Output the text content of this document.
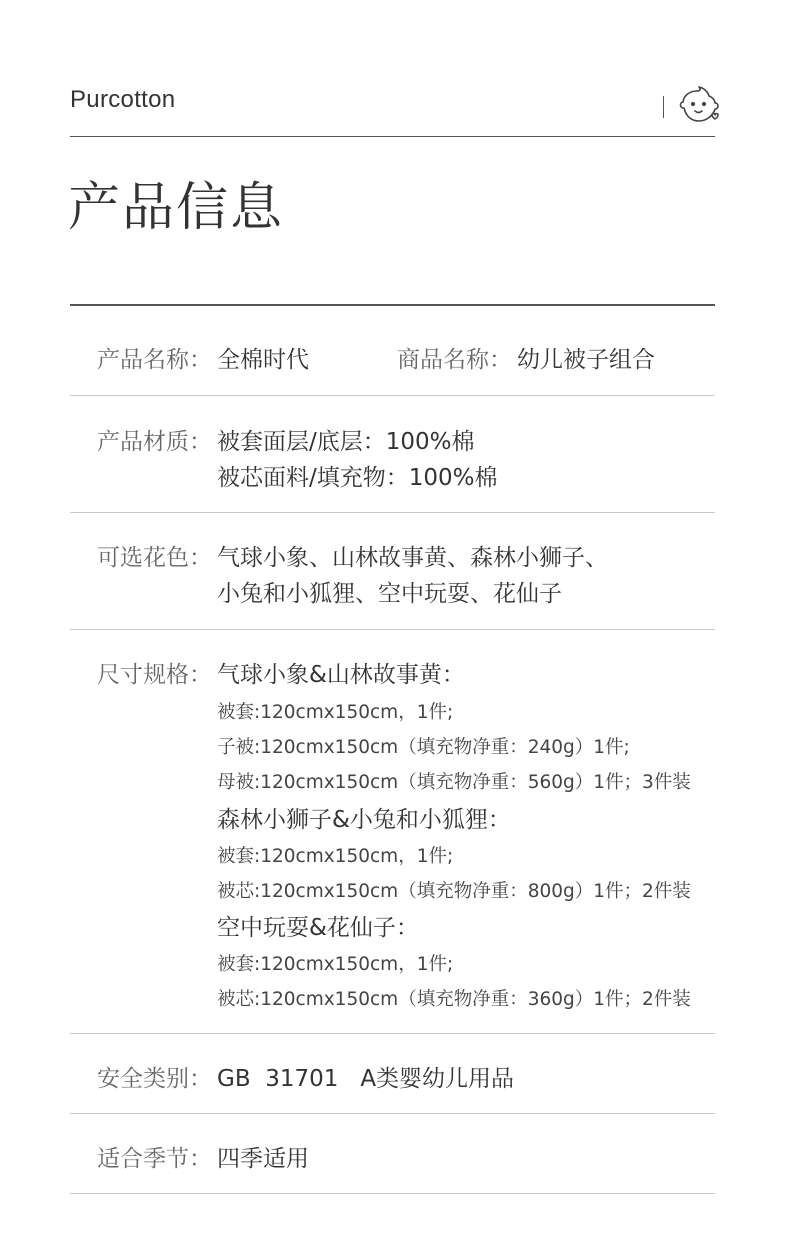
Purcotton
产品信息
产品名称： 全棉时代	商品名称： 幼儿被子组合
产品材质： 被套面层/底层：100%棉
被芯面料/填充物：100%棉
可选花色： 气球小象、山林故事黄、森林小狮子、
小兔和小狐狸、空中玩耍、花仙子
尺寸规格： 气球小象&山林故事黄：
被套:120cmx150cm，1件;
子被:120cmx150cm（填充物净重：240g）1件;
母被:120cmx150cm（填充物净重：560g）1件；3件装
森林小狮子&小兔和小狐狸：
被套:120cmx150cm，1件;
被芯:120cmx150cm（填充物净重：800g）1件；2件装
空中玩耍&花仙子：
被套:120cmx150cm，1件;
被芯:120cmx150cm（填充物净重：360g）1件；2件装
安全类别： GB  31701   A类婴幼儿用品
适合季节： 四季适用
